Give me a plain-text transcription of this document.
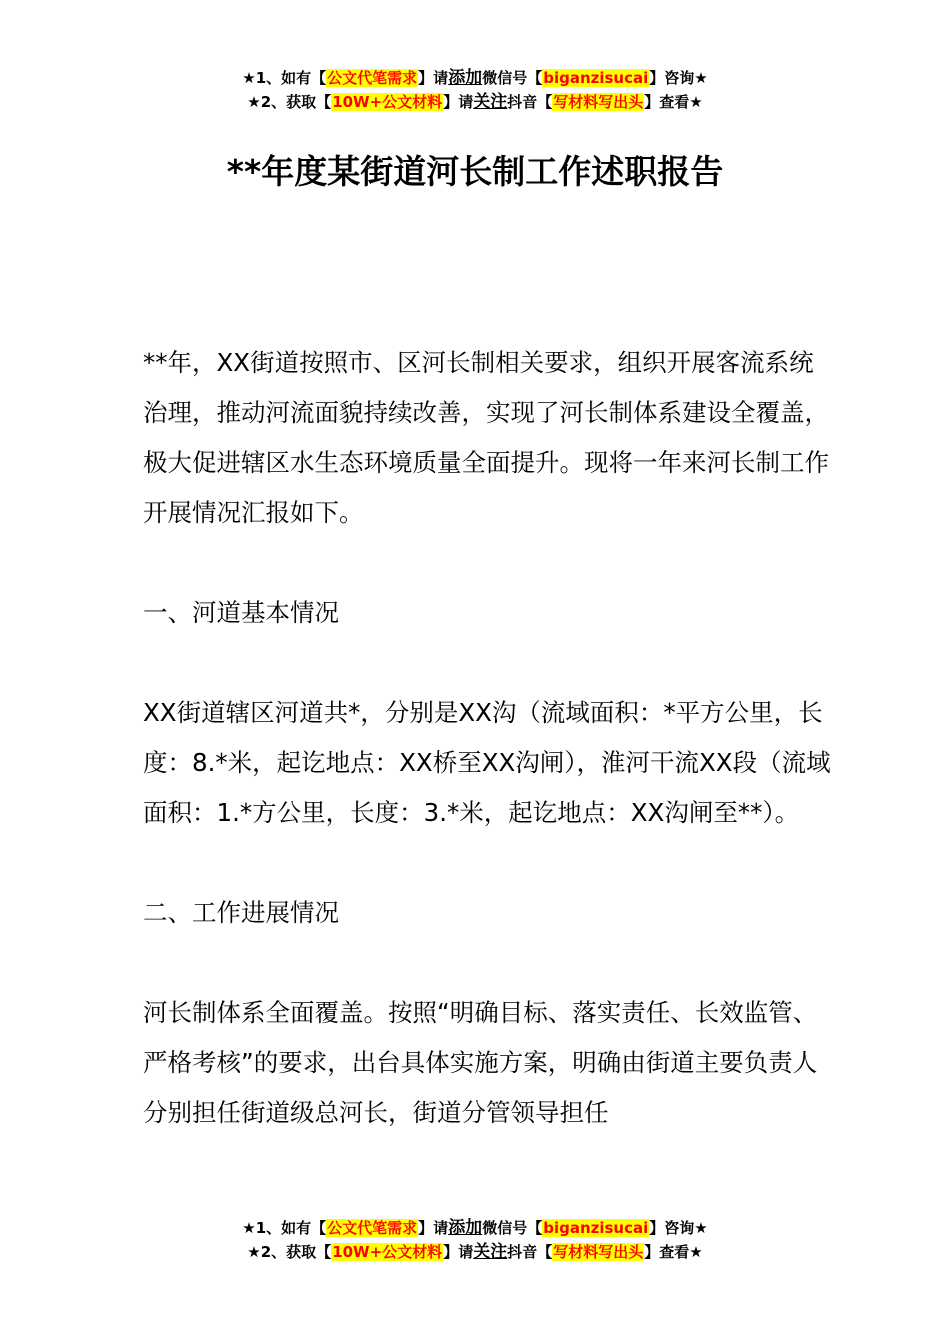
★1、如有【公文代笔需求】请添加微信号【biganzisucai】咨询★
★2、获取【10W+公文材料】请关注抖音【写材料写出头】查看★
**年度某街道河长制工作述职报告
**年，XX街道按照市、区河长制相关要求，组织开展客流系统治理，推动河流面貌持续改善，实现了河长制体系建设全覆盖，极大促进辖区水生态环境质量全面提升。现将一年来河长制工作开展情况汇报如下。
一、河道基本情况
XX街道辖区河道共*，分别是XX沟（流域面积：*平方公里，长度：8.*米，起讫地点：XX桥至XX沟闸），淮河干流XX段（流域面积：1.*方公里，长度：3.*米，起讫地点：XX沟闸至**）。
二、工作进展情况
河长制体系全面覆盖。按照“明确目标、落实责任、长效监管、严格考核”的要求，出台具体实施方案，明确由街道主要负责人分别担任街道级总河长，街道分管领导担任
★1、如有【公文代笔需求】请添加微信号【biganzisucai】咨询★
★2、获取【10W+公文材料】请关注抖音【写材料写出头】查看★
